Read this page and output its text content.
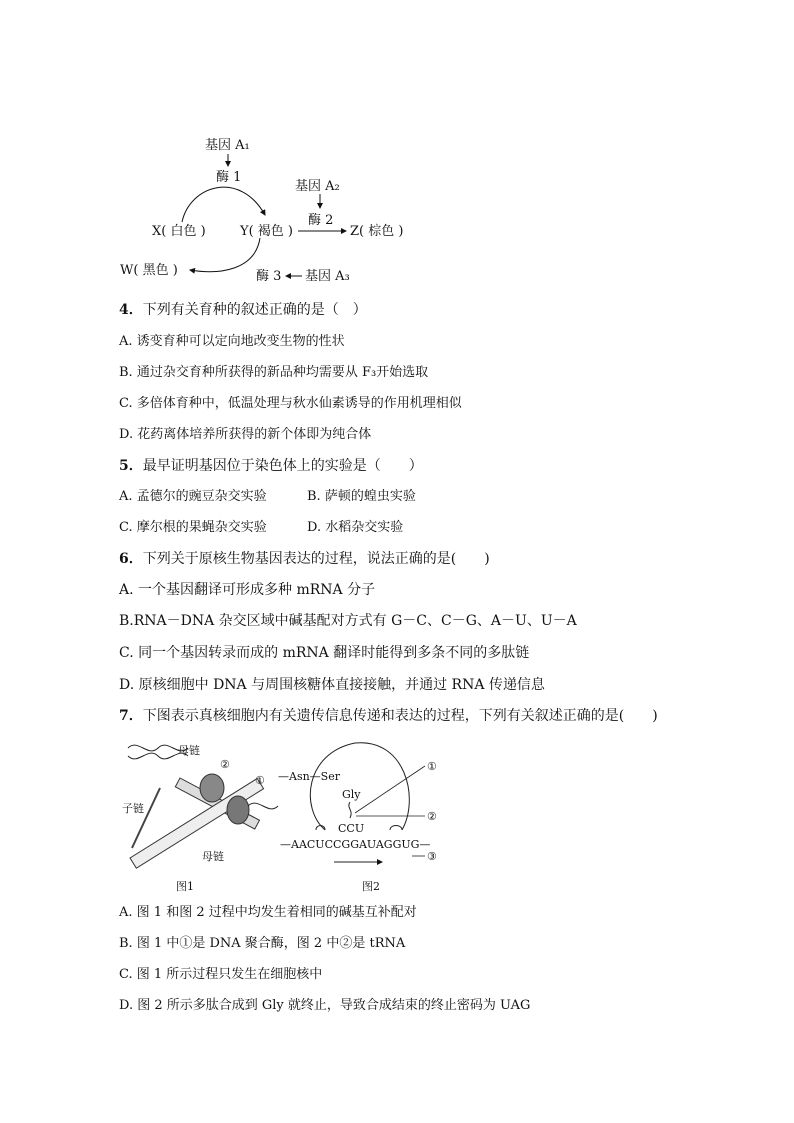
基因 A₁
酶 1
基因 A₂
酶 2
X( 白色 )	Y( 褐色 )	Z( 棕色 )
W( 黑色 )	酶 3 基因 A₃
4．下列有关育种的叙述正确的是（　）
A. 诱变育种可以定向地改变生物的性状
B. 通过杂交育种所获得的新品种均需要从 F₃开始选取
C. 多倍体育种中，低温处理与秋水仙素诱导的作用机理相似
D. 花药离体培养所获得的新个体即为纯合体
5．最早证明基因位于染色体上的实验是（　　）
A. 孟德尔的豌豆杂交实验	B. 萨顿的蝗虫实验
C. 摩尔根的果蝇杂交实验	D. 水稻杂交实验
6．下列关于原核生物基因表达的过程，说法正确的是(　　)
A. 一个基因翻译可形成多种 mRNA 分子
B.RNA－DNA 杂交区域中碱基配对方式有 G－C、C－G、A－U、U－A
C. 同一个基因转录而成的 mRNA 翻译时能得到多条不同的多肽链
D. 原核细胞中 DNA 与周围核糖体直接接触，并通过 RNA 传递信息
7．下图表示真核细胞内有关遗传信息传递和表达的过程，下列有关叙述正确的是(　　)
母链
②
①
子链
母链
图1
—Asn—Ser
Gly
CCU
—AACUCCGGAUAGGUG—
①
②
③
图2
A. 图 1 和图 2 过程中均发生着相同的碱基互补配对
B. 图 1 中①是 DNA 聚合酶，图 2 中②是 tRNA
C. 图 1 所示过程只发生在细胞核中
D. 图 2 所示多肽合成到 Gly 就终止，导致合成结束的终止密码为 UAG
